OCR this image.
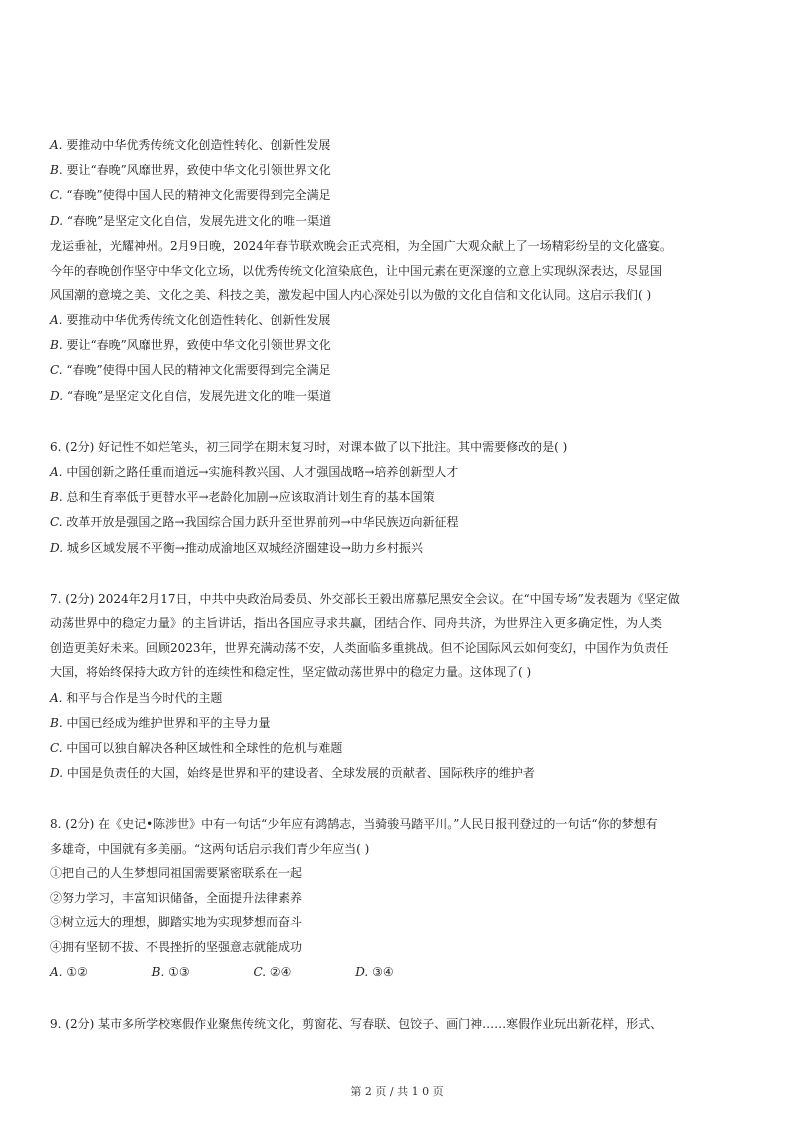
A. 要推动中华优秀传统文化创造性转化、创新性发展
B. 要让“春晚”风靡世界，致使中华文化引领世界文化
C. “春晚”使得中国人民的精神文化需要得到完全满足
D. “春晚”是坚定文化自信，发展先进文化的唯一渠道
龙运垂祉，光耀神州。2月9日晚，2024年春节联欢晚会正式亮相，为全国广大观众献上了一场精彩纷呈的文化盛宴。
今年的春晚创作坚守中华文化立场，以优秀传统文化渲染底色，让中国元素在更深邃的立意上实现纵深表达，尽显国
风国潮的意境之美、文化之美、科技之美，激发起中国人内心深处引以为傲的文化自信和文化认同。这启示我们( )
A. 要推动中华优秀传统文化创造性转化、创新性发展
B. 要让“春晚”风靡世界，致使中华文化引领世界文化
C. “春晚”使得中国人民的精神文化需要得到完全满足
D. “春晚”是坚定文化自信，发展先进文化的唯一渠道
6. (2分) 好记性不如烂笔头，初三同学在期末复习时，对课本做了以下批注。其中需要修改的是( )
A. 中国创新之路任重而道远→实施科教兴国、人才强国战略→培养创新型人才
B. 总和生育率低于更替水平→老龄化加剧→应该取消计划生育的基本国策
C. 改革开放是强国之路→我国综合国力跃升至世界前列→中华民族迈向新征程
D. 城乡区域发展不平衡→推动成渝地区双城经济圈建设→助力乡村振兴
7. (2分) 2024年2月17日，中共中央政治局委员、外交部长王毅出席慕尼黑安全会议。在“中国专场”发表题为《坚定做
动荡世界中的稳定力量》的主旨讲话，指出各国应寻求共赢，团结合作、同舟共济，为世界注入更多确定性，为人类
创造更美好未来。回顾2023年，世界充满动荡不安，人类面临多重挑战。但不论国际风云如何变幻，中国作为负责任
大国，将始终保持大政方针的连续性和稳定性，坚定做动荡世界中的稳定力量。这体现了( )
A. 和平与合作是当今时代的主题
B. 中国已经成为维护世界和平的主导力量
C. 中国可以独自解决各种区域性和全球性的危机与难题
D. 中国是负责任的大国，始终是世界和平的建设者、全球发展的贡献者、国际秩序的维护者
8. (2分) 在《史记•陈涉世》中有一句话“少年应有鸿鹄志，当骑骏马踏平川。”人民日报刊登过的一句话“你的梦想有
多雄奇，中国就有多美丽。“这两句话启示我们青少年应当( )
①把自己的人生梦想同祖国需要紧密联系在一起
②努力学习，丰富知识储备，全面提升法律素养
③树立远大的理想，脚踏实地为实现梦想而奋斗
④拥有坚韧不拔、不畏挫折的坚强意志就能成功
A. ①②	B. ①③	C. ②④	D. ③④
9. (2分) 某市多所学校寒假作业聚焦传统文化，剪窗花、写春联、包饺子、画门神……寒假作业玩出新花样，形式、
第 2 页 / 共 1 0 页
